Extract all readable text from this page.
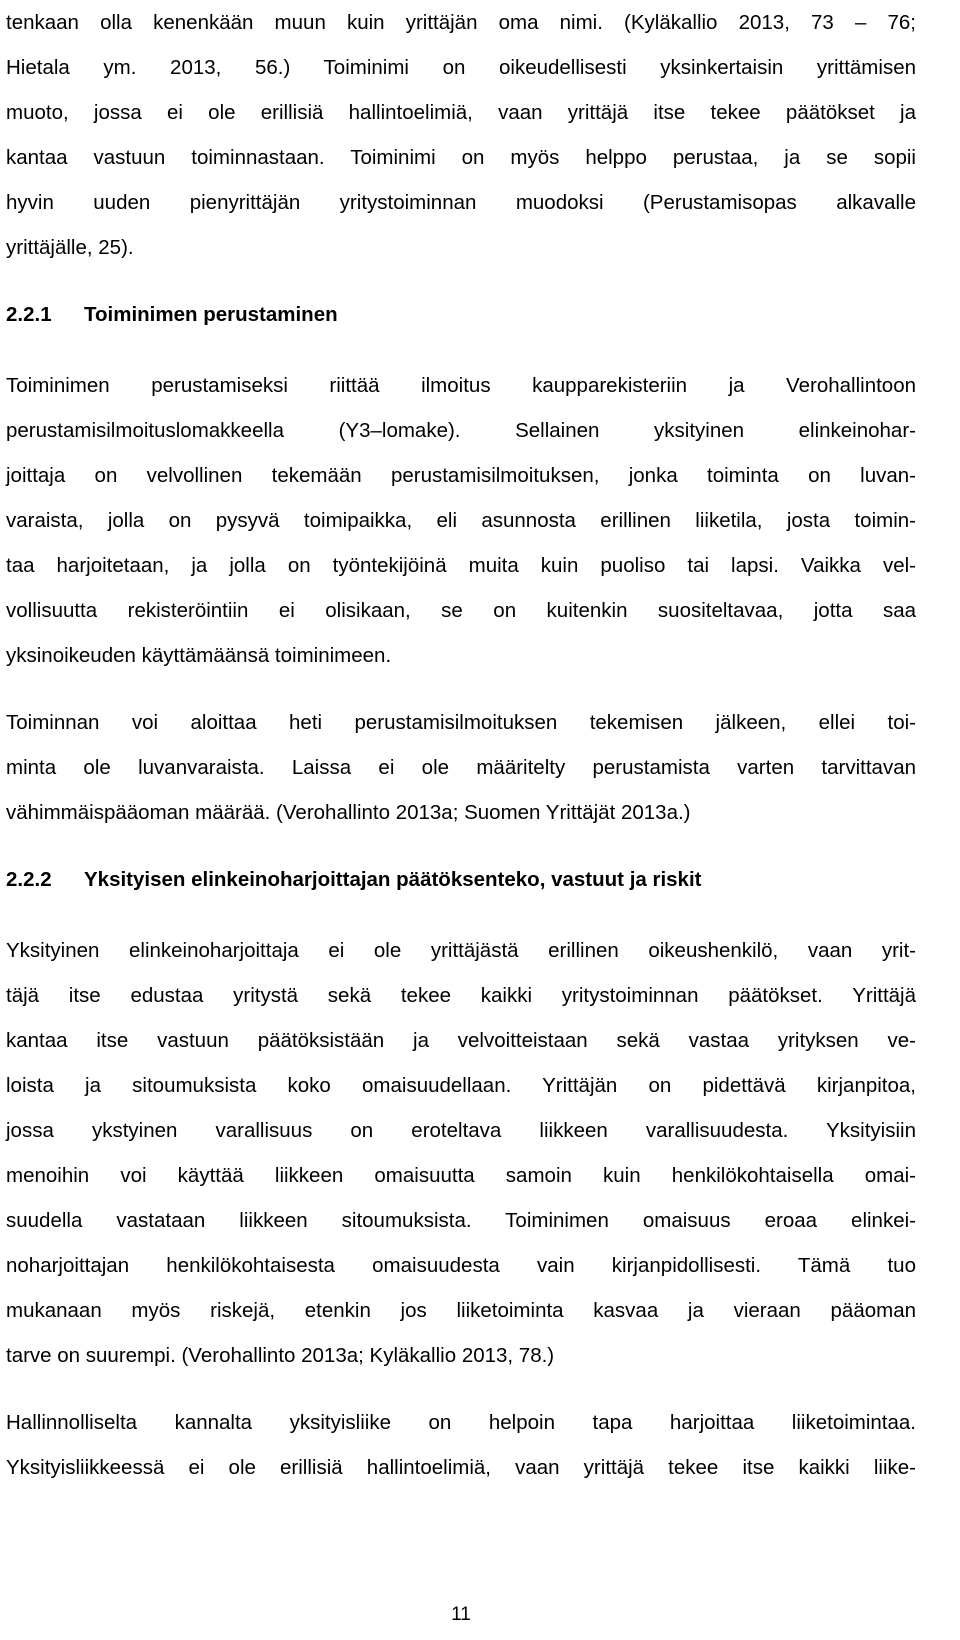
tenkaan olla kenenkään muun kuin yrittäjän oma nimi. (Kyläkallio 2013, 73 – 76;
Hietala ym. 2013, 56.) Toiminimi on oikeudellisesti yksinkertaisin yrittämisen
muoto, jossa ei ole erillisiä hallintoelimiä, vaan yrittäjä itse tekee päätökset ja
kantaa vastuun toiminnastaan. Toiminimi on myös helppo perustaa, ja se sopii
hyvin uuden pienyrittäjän yritystoiminnan muodoksi (Perustamisopas alkavalle
yrittäjälle, 25).
2.2.1 Toiminimen perustaminen
Toiminimen perustamiseksi riittää ilmoitus kaupparekisteriin ja Verohallintoon
perustamisilmoituslomakkeella (Y3–lomake). Sellainen yksityinen elinkeinohar-
joittaja on velvollinen tekemään perustamisilmoituksen, jonka toiminta on luvan-
varaista, jolla on pysyvä toimipaikka, eli asunnosta erillinen liiketila, josta toimin-
taa harjoitetaan, ja jolla on työntekijöinä muita kuin puoliso tai lapsi. Vaikka vel-
vollisuutta rekisteröintiin ei olisikaan, se on kuitenkin suositeltavaa, jotta saa
yksinoikeuden käyttämäänsä toiminimeen.
Toiminnan voi aloittaa heti perustamisilmoituksen tekemisen jälkeen, ellei toi-
minta ole luvanvaraista. Laissa ei ole määritelty perustamista varten tarvittavan
vähimmäispääoman määrää. (Verohallinto 2013a; Suomen Yrittäjät 2013a.)
2.2.2 Yksityisen elinkeinoharjoittajan päätöksenteko, vastuut ja riskit
Yksityinen elinkeinoharjoittaja ei ole yrittäjästä erillinen oikeushenkilö, vaan yrit-
täjä itse edustaa yritystä sekä tekee kaikki yritystoiminnan päätökset. Yrittäjä
kantaa itse vastuun päätöksistään ja velvoitteistaan sekä vastaa yrityksen ve-
loista ja sitoumuksista koko omaisuudellaan. Yrittäjän on pidettävä kirjanpitoa,
jossa ykstyinen varallisuus on eroteltava liikkeen varallisuudesta. Yksityisiin
menoihin voi käyttää liikkeen omaisuutta samoin kuin henkilökohtaisella omai-
suudella vastataan liikkeen sitoumuksista. Toiminimen omaisuus eroaa elinkei-
noharjoittajan henkilökohtaisesta omaisuudesta vain kirjanpidollisesti. Tämä tuo
mukanaan myös riskejä, etenkin jos liiketoiminta kasvaa ja vieraan pääoman
tarve on suurempi. (Verohallinto 2013a; Kyläkallio 2013, 78.)
Hallinnolliselta kannalta yksityisliike on helpoin tapa harjoittaa liiketoimintaa.
Yksityisliikkeessä ei ole erillisiä hallintoelimiä, vaan yrittäjä tekee itse kaikki liike-
11
